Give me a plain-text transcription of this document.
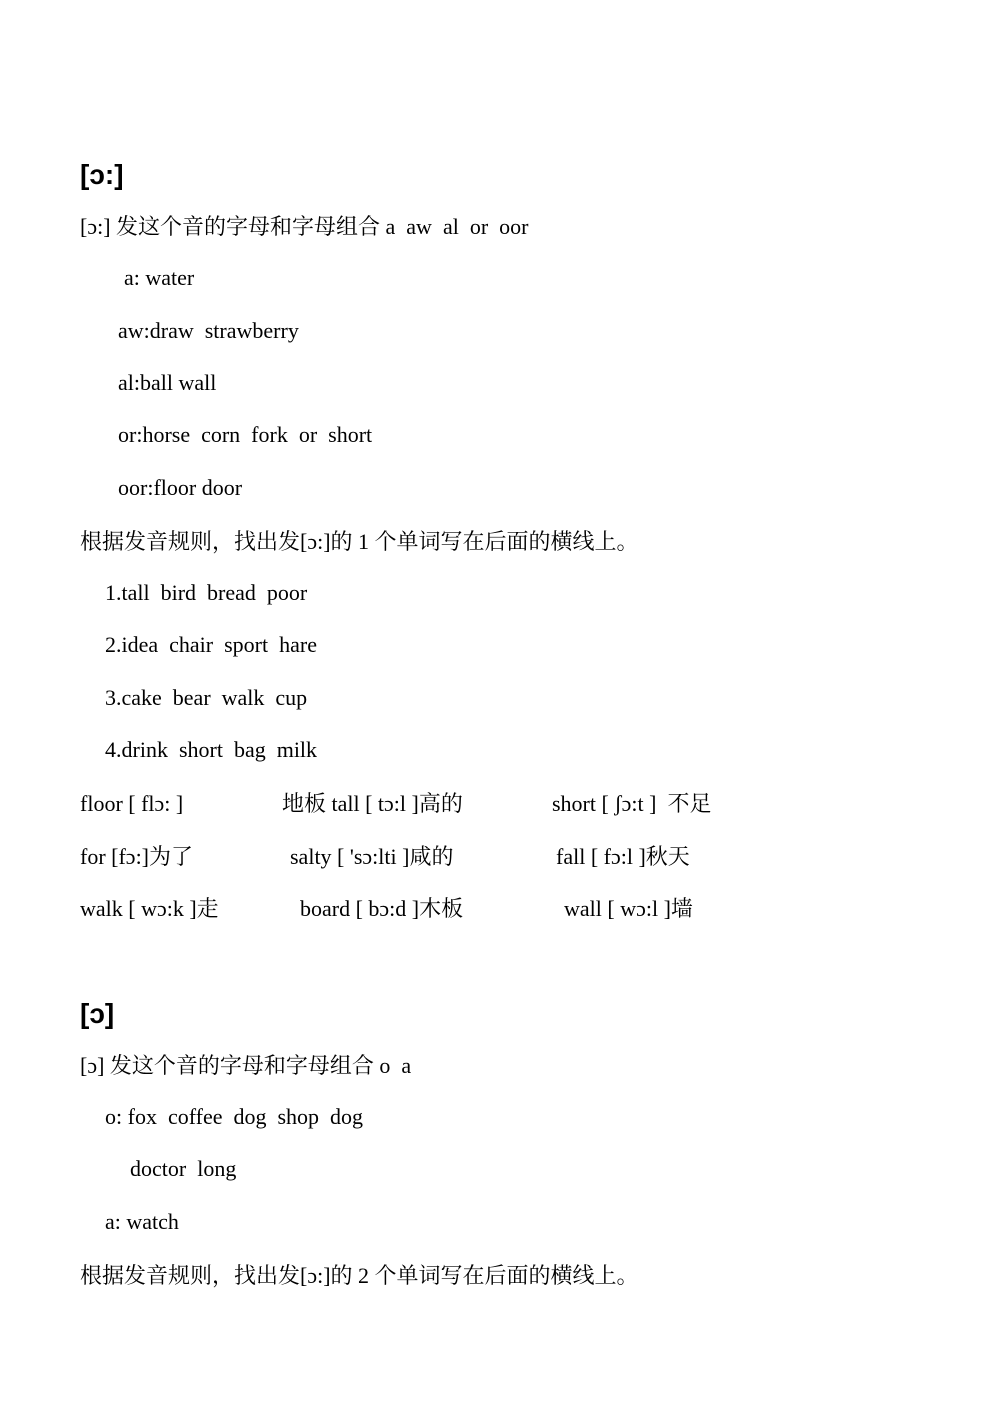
[ɔ:]
[ɔ:] 发这个音的字母和字母组合 a  aw  al  or  oor
a: water
aw:draw  strawberry
al:ball wall
or:horse  corn  fork  or  short
oor:floor door
根据发音规则，找出发[ɔ:]的 1 个单词写在后面的横线上。
1.tall  bird  bread  poor
2.idea  chair  sport  hare
3.cake  bear  walk  cup
4.drink  short  bag  milk
floor [ flɔ: ]	地板 tall [ tɔ:l ]高的	short [ ʃɔ:t ]  不足
for [fɔ:]为了	salty [ 'sɔ:lti ]咸的	fall [ fɔ:l ]秋天
walk [ wɔ:k ]走	board [ bɔ:d ]木板	wall [ wɔ:l ]墙
[ɔ]
[ɔ] 发这个音的字母和字母组合 o  a
o: fox  coffee  dog  shop  dog
doctor  long
a: watch
根据发音规则，找出发[ɔ:]的 2 个单词写在后面的横线上。
